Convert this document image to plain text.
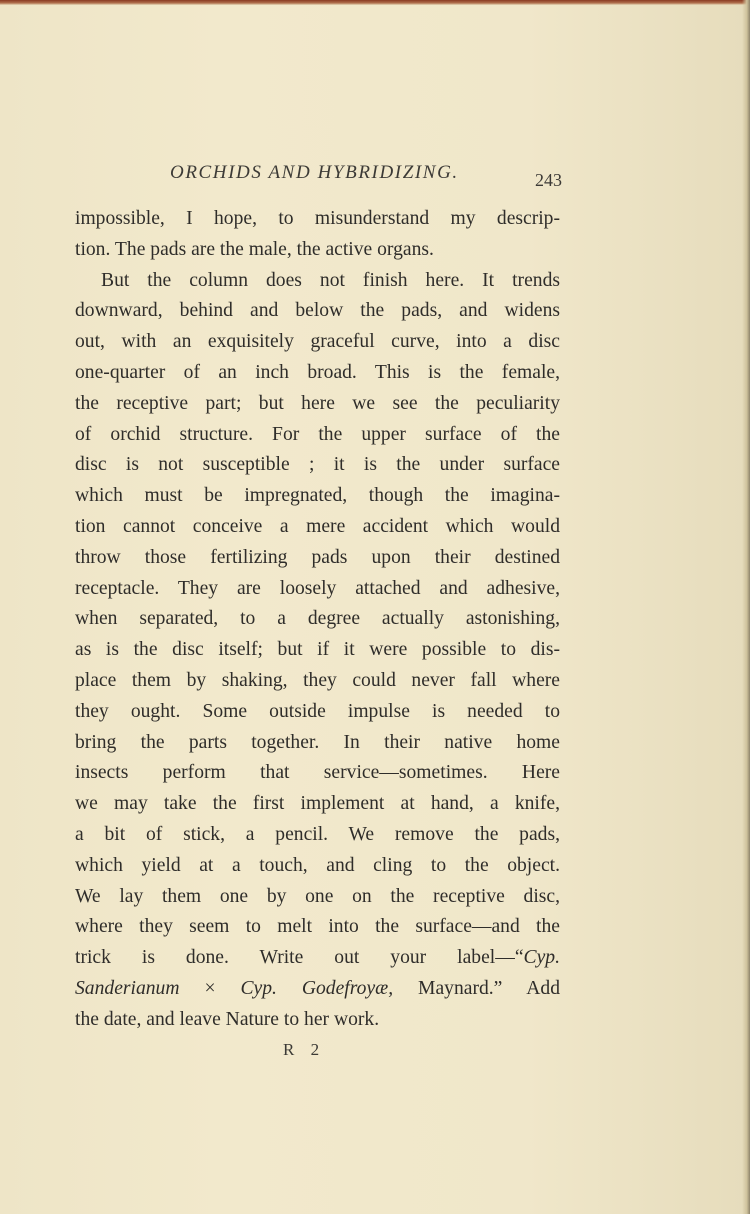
ORCHIDS AND HYBRIDIZING.	243
impossible, I hope, to misunderstand my descrip-
tion. The pads are the male, the active organs.
But the column does not finish here. It trends
downward, behind and below the pads, and widens
out, with an exquisitely graceful curve, into a disc
one-quarter of an inch broad. This is the female,
the receptive part; but here we see the peculiarity
of orchid structure. For the upper surface of the
disc is not susceptible ; it is the under surface
which must be impregnated, though the imagina-
tion cannot conceive a mere accident which would
throw those fertilizing pads upon their destined
receptacle. They are loosely attached and adhesive,
when separated, to a degree actually astonishing,
as is the disc itself; but if it were possible to dis-
place them by shaking, they could never fall where
they ought. Some outside impulse is needed to
bring the parts together. In their native home
insects perform that service—sometimes. Here
we may take the first implement at hand, a knife,
a bit of stick, a pencil. We remove the pads,
which yield at a touch, and cling to the object.
We lay them one by one on the receptive disc,
where they seem to melt into the surface—and the
trick is done. Write out your label—“Cyp.
Sanderianum × Cyp. Godefroyæ, Maynard.” Add
the date, and leave Nature to her work.
R 2
